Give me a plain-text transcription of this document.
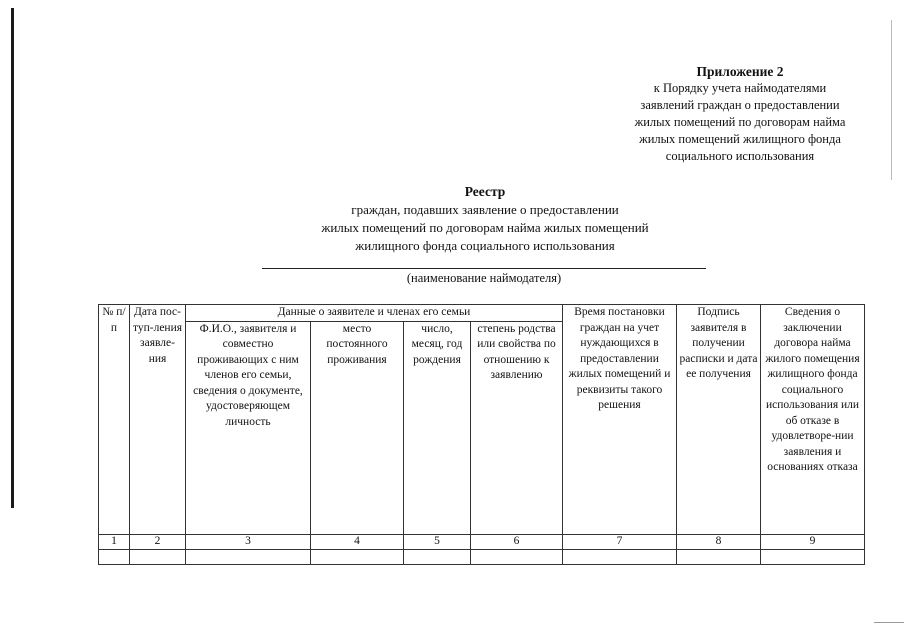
Приложение 2
к Порядку учета наймодателями
заявлений граждан о предоставлении
жилых помещений по договорам найма
жилых помещений жилищного фонда
социального использования
Реестр
граждан, подавших заявление о предоставлении
жилых помещений по договорам найма жилых помещений
жилищного фонда социального использования
(наименование наймодателя)
№ п/п	Дата пос-туп-ления заявле-ния	Данные о заявителе и членах его семьи				Время постановки граждан на учет нуждающихся в предоставлении жилых помещений и реквизиты такого решения	Подпись заявителя в получении расписки и дата ее получения	Сведения о заключении договора найма жилого помещения жилищного фонда социального использования или об отказе в удовлетворе-нии заявления и основаниях отказа
		Ф.И.О., заявителя и совместно проживающих с ним членов его семьи, сведения о документе, удостоверяющем личность	место постоянного проживания	число, месяц, год рождения	степень родства или свойства по отношению к заявлению			
1	2	3	4	5	6	7	8	9
